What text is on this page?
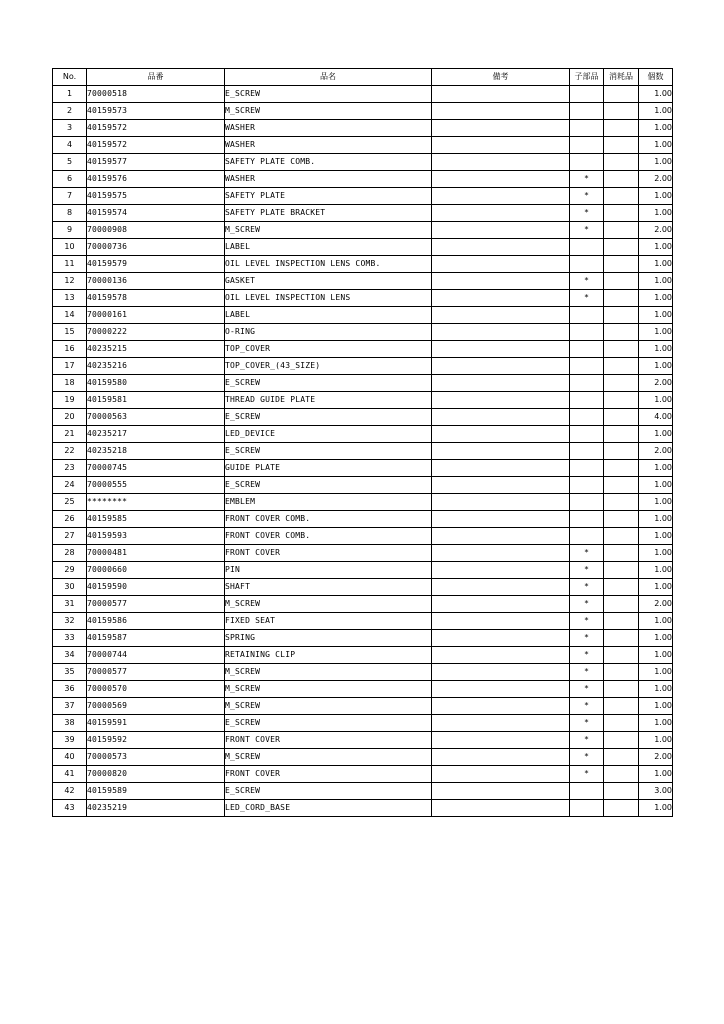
No.	品番	品名	備考	子部品	消耗品	個数
1	70000518	E_SCREW				1.00
2	40159573	M_SCREW				1.00
3	40159572	WASHER				1.00
4	40159572	WASHER				1.00
5	40159577	SAFETY PLATE COMB.				1.00
6	40159576	WASHER		*		2.00
7	40159575	SAFETY PLATE		*		1.00
8	40159574	SAFETY PLATE BRACKET		*		1.00
9	70000908	M_SCREW		*		2.00
10	70000736	LABEL				1.00
11	40159579	OIL LEVEL INSPECTION LENS COMB.				1.00
12	70000136	GASKET		*		1.00
13	40159578	OIL LEVEL INSPECTION LENS		*		1.00
14	70000161	LABEL				1.00
15	70000222	O-RING				1.00
16	40235215	TOP_COVER				1.00
17	40235216	TOP_COVER_(43_SIZE)				1.00
18	40159580	E_SCREW				2.00
19	40159581	THREAD GUIDE PLATE				1.00
20	70000563	E_SCREW				4.00
21	40235217	LED_DEVICE				1.00
22	40235218	E_SCREW				2.00
23	70000745	GUIDE PLATE				1.00
24	70000555	E_SCREW				1.00
25	********	EMBLEM				1.00
26	40159585	FRONT COVER COMB.				1.00
27	40159593	FRONT COVER COMB.				1.00
28	70000481	FRONT COVER		*		1.00
29	70000660	PIN		*		1.00
30	40159590	SHAFT		*		1.00
31	70000577	M_SCREW		*		2.00
32	40159586	FIXED SEAT		*		1.00
33	40159587	SPRING		*		1.00
34	70000744	RETAINING CLIP		*		1.00
35	70000577	M_SCREW		*		1.00
36	70000570	M_SCREW		*		1.00
37	70000569	M_SCREW		*		1.00
38	40159591	E_SCREW		*		1.00
39	40159592	FRONT COVER		*		1.00
40	70000573	M_SCREW		*		2.00
41	70000820	FRONT COVER		*		1.00
42	40159589	E_SCREW				3.00
43	40235219	LED_CORD_BASE				1.00
